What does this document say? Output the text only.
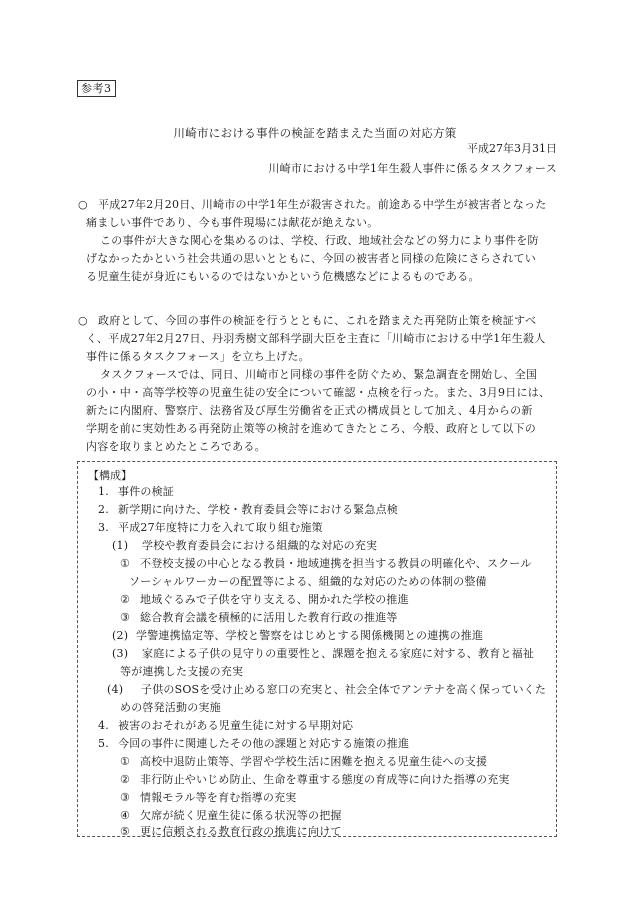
参考3
川崎市における事件の検証を踏まえた当面の対応方策
平成27年3月31日
川崎市における中学1年生殺人事件に係るタスクフォース
○ 平成27年2月20日、川崎市の中学1年生が殺害された。前途ある中学生が被害者となった
痛ましい事件であり、今も事件現場には献花が絶えない。
この事件が大きな関心を集めるのは、学校、行政、地域社会などの努力により事件を防
げなかったかという社会共通の思いとともに、今回の被害者と同様の危険にさらされてい
る児童生徒が身近にもいるのではないかという危機感などによるものである。
○ 政府として、今回の事件の検証を行うとともに、これを踏まえた再発防止策を検証すべ
く、平成27年2月27日、丹羽秀樹文部科学副大臣を主査に「川崎市における中学1年生殺人
事件に係るタスクフォース」を立ち上げた。
タスクフォースでは、同日、川崎市と同様の事件を防ぐため、緊急調査を開始し、全国
の小・中・高等学校等の児童生徒の安全について確認・点検を行った。また、3月9日には、
新たに内閣府、警察庁、法務省及び厚生労働省を正式の構成員として加え、4月からの新
学期を前に実効性ある再発防止策等の検討を進めてきたところ、今般、政府として以下の
内容を取りまとめたところである。
【構成】
1. 事件の検証
2. 新学期に向けた、学校・教育委員会等における緊急点検
3. 平成27年度特に力を入れて取り組む施策
(1) 学校や教育委員会における組織的な対応の充実
① 不登校支援の中心となる教員・地域連携を担当する教員の明確化や、スクール
ソーシャルワーカーの配置等による、組織的な対応のための体制の整備
② 地域ぐるみで子供を守り支える、開かれた学校の推進
③ 総合教育会議を積極的に活用した教育行政の推進等
(2) 学警連携協定等、学校と警察をはじめとする関係機関との連携の推進
(3) 家庭による子供の見守りの重要性と、課題を抱える家庭に対する、教育と福祉
等が連携した支援の充実
(4) 子供のSOSを受け止める窓口の充実と、社会全体でアンテナを高く保っていくた
めの啓発活動の実施
4. 被害のおそれがある児童生徒に対する早期対応
5. 今回の事件に関連したその他の課題と対応する施策の推進
① 高校中退防止策等、学習や学校生活に困難を抱える児童生徒への支援
② 非行防止やいじめ防止、生命を尊重する態度の育成等に向けた指導の充実
③ 情報モラル等を育む指導の充実
④ 欠席が続く児童生徒に係る状況等の把握
⑤ 更に信頼される教育行政の推進に向けて
